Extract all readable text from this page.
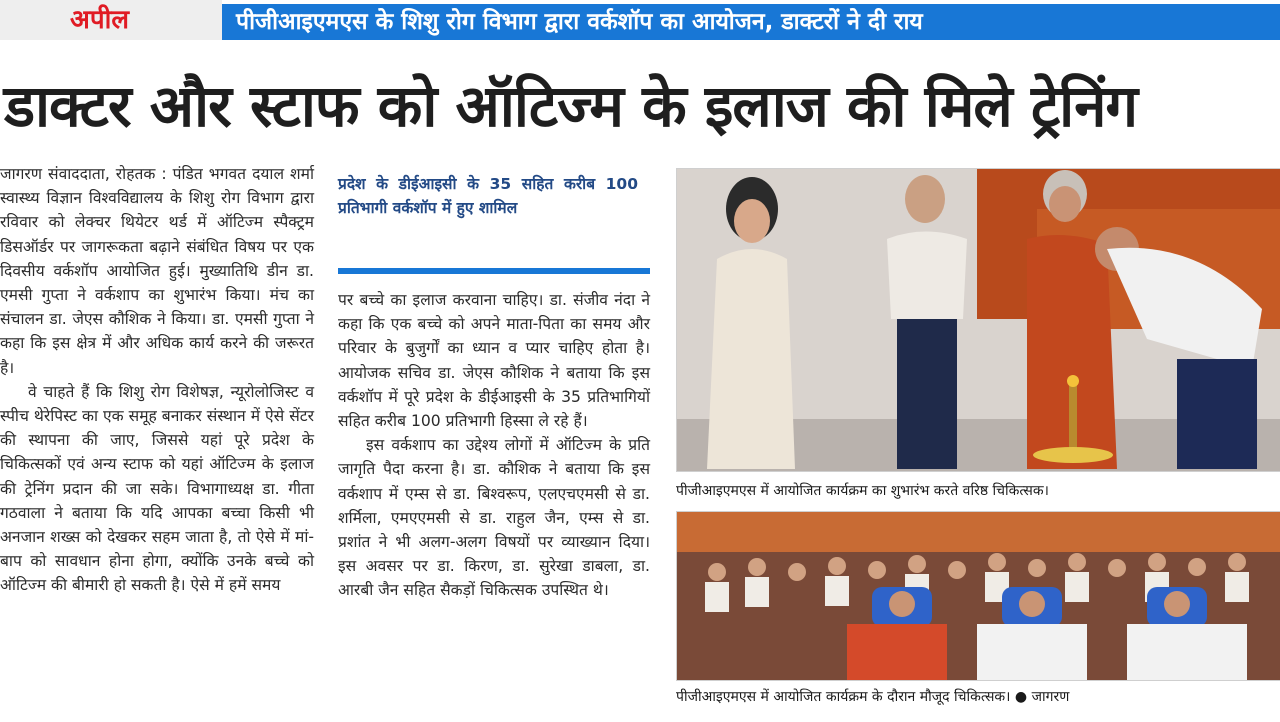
अपील	पीजीआइएमएस के शिशु रोग विभाग द्वारा वर्कशॉप का आयोजन, डाक्टरों ने दी राय
डाक्टर और स्टाफ को ऑटिज्म के इलाज की मिले ट्रेनिंग

जागरण संवाददाता, रोहतक : पंडित भगवत दयाल शर्मा स्वास्थ्य विज्ञान विश्वविद्यालय के शिशु रोग विभाग द्वारा रविवार को लेक्चर थियेटर थर्ड में ऑटिज्म स्पैक्ट्रम डिसऑर्डर पर जागरूकता बढ़ाने संबंधित विषय पर एक दिवसीय वर्कशॉप आयोजित हुई। मुख्यातिथि डीन डा. एमसी गुप्ता ने वर्कशाप का शुभारंभ किया। मंच का संचालन डा. जेएस कौशिक ने किया। डा. एमसी गुप्ता ने कहा कि इस क्षेत्र में और अधिक कार्य करने की जरूरत है।

वे चाहते हैं कि शिशु रोग विशेषज्ञ, न्यूरोलोजिस्ट व स्पीच थेरेपिस्ट का एक समूह बनाकर संस्थान में ऐसे सेंटर की स्थापना की जाए, जिससे यहां पूरे प्रदेश के चिकित्सकों एवं अन्य स्टाफ को यहां ऑटिज्म के इलाज की ट्रेनिंग प्रदान की जा सके। विभागाध्यक्ष डा. गीता गठवाला ने बताया कि यदि आपका बच्चा किसी भी अनजान शख्स को देखकर सहम जाता है, तो ऐसे में मां-बाप को सावधान होना होगा, क्योंकि उनके बच्चे को ऑटिज्म की बीमारी हो सकती है। ऐसे में हमें समय

प्रदेश के डीईआइसी के 35 सहित करीब 100 प्रतिभागी वर्कशॉप में हुए शामिल

पर बच्चे का इलाज करवाना चाहिए। डा. संजीव नंदा ने कहा कि एक बच्चे को अपने माता-पिता का समय और परिवार के बुजुर्गों का ध्यान व प्यार चाहिए होता है। आयोजक सचिव डा. जेएस कौशिक ने बताया कि इस वर्कशॉप में पूरे प्रदेश के डीईआइसी के 35 प्रतिभागियों सहित करीब 100 प्रतिभागी हिस्सा ले रहे हैं।

इस वर्कशाप का उद्देश्य लोगों में ऑटिज्म के प्रति जागृति पैदा करना है। डा. कौशिक ने बताया कि इस वर्कशाप में एम्स से डा. बिश्वरूप, एलएचएमसी से डा. शर्मिला, एमएएमसी से डा. राहुल जैन, एम्स से डा. प्रशांत ने भी अलग-अलग विषयों पर व्याख्यान दिया। इस अवसर पर डा. किरण, डा. सुरेखा डाबला, डा. आरबी जैन सहित सैकड़ों चिकित्सक उपस्थित थे।

पीजीआइएमएस में आयोजित कार्यक्रम का शुभारंभ करते वरिष्ठ चिकित्सक।
पीजीआइएमएस में आयोजित कार्यक्रम के दौरान मौजूद चिकित्सक। ● जागरण
